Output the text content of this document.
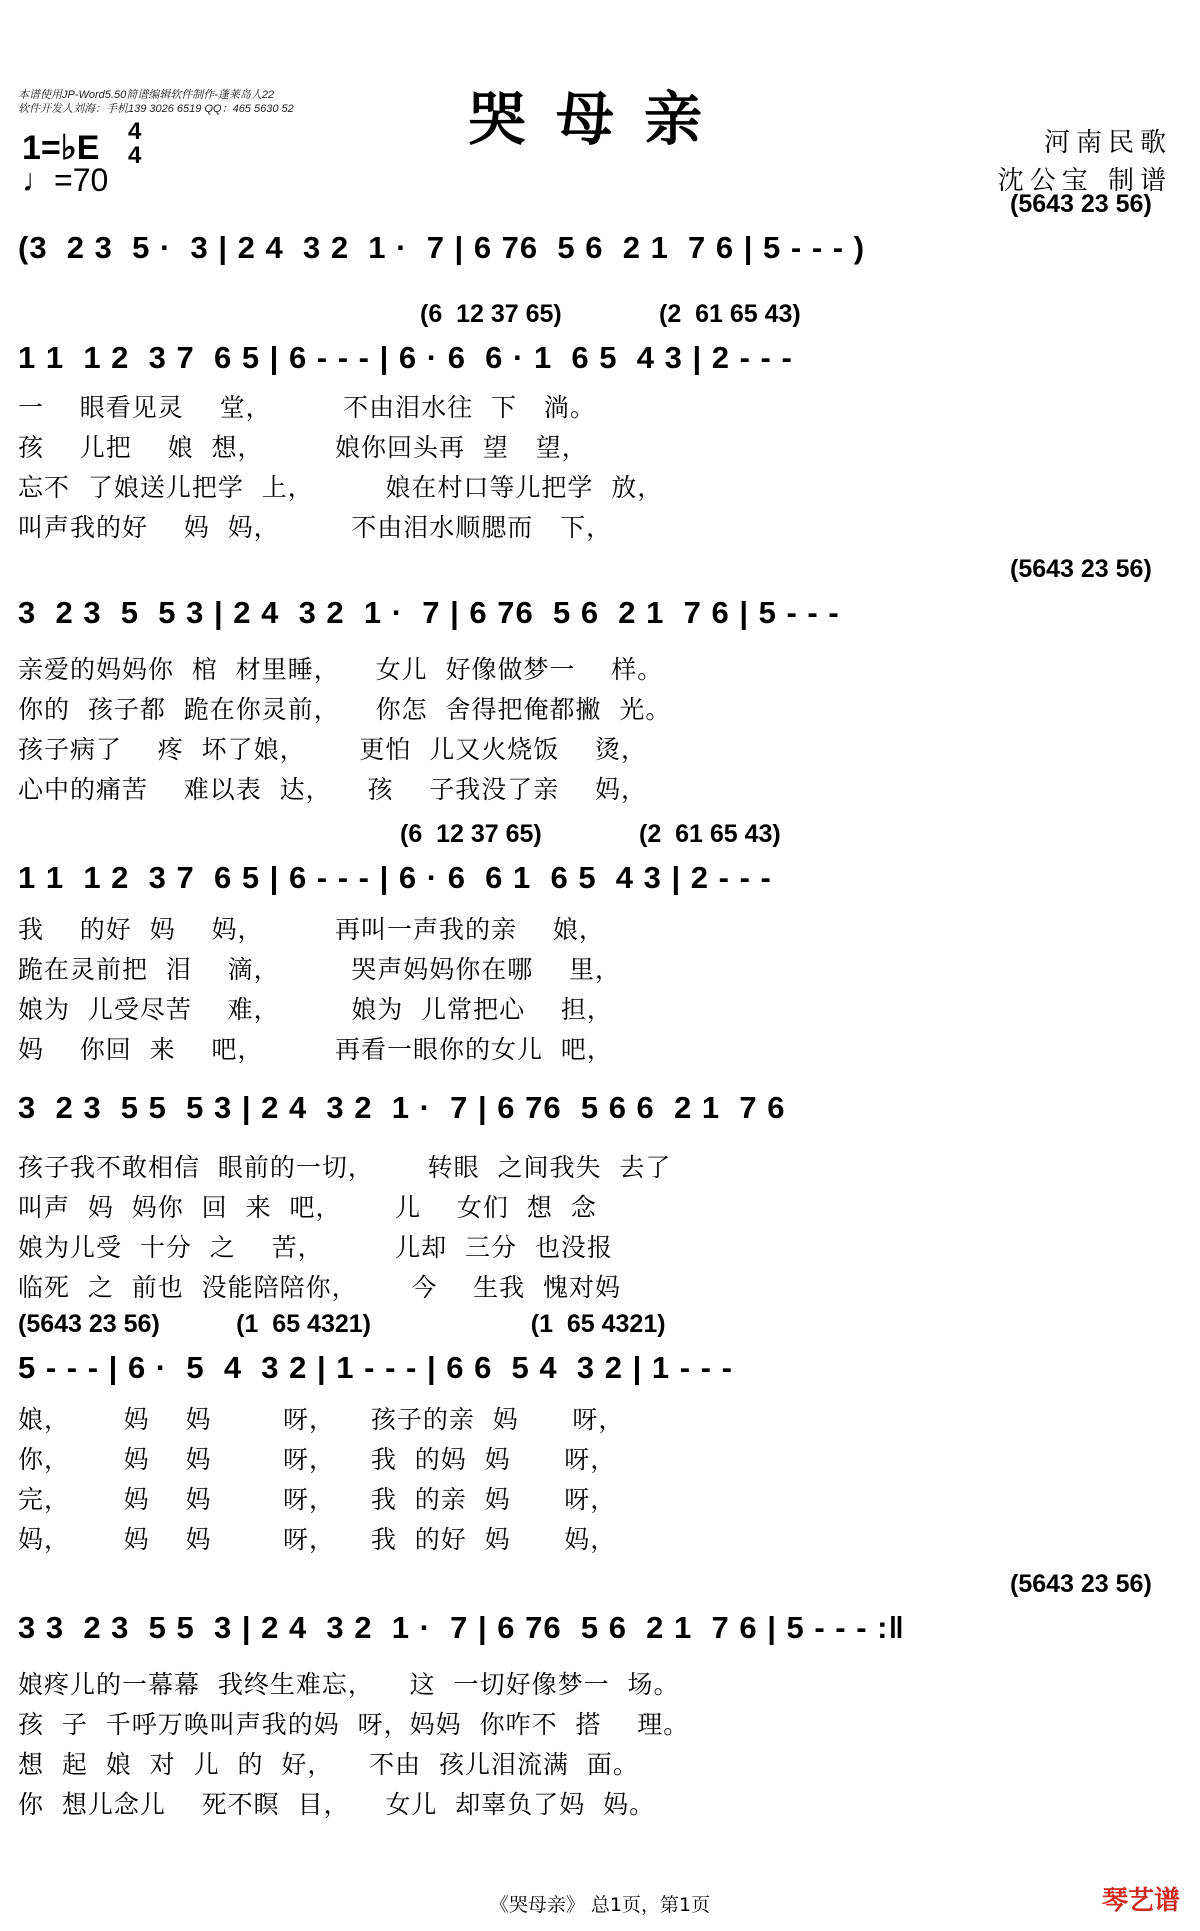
哭母亲
本谱使用JP-Word5.50简谱编辑软件制作-蓬莱岛人22
软件开发人刘海：手机139 3026 6519 QQ：465 5630 52
1=♭E 4
4
♩=70
河南民歌
沈公宝 制谱
(5643 23 56)
(3  2 3  5 ·  3 | 2 4  3 2  1 ·  7 | 6 76  5 6  2 1  7 6 | 5 - - - )
(6  12 37 65)              (2  61 65 43)
1 1  1 2  3 7  6 5 | 6 - - - | 6 · 6  6 · 1  6 5  4 3 | 2 - - -
一    眼看见灵    堂，        不由泪水往  下   淌。
孩    儿把    娘  想，        娘你回头再  望   望，
忘不  了娘送儿把学  上，        娘在村口等儿把学  放，
叫声我的好    妈  妈，        不由泪水顺腮而   下，
(5643 23 56)
3  2 3  5  5 3 | 2 4  3 2  1 ·  7 | 6 76  5 6  2 1  7 6 | 5 - - -
亲爱的妈妈你  棺  材里睡，    女儿  好像做梦一    样。
你的  孩子都  跪在你灵前，    你怎  舍得把俺都撇  光。
孩子病了    疼  坏了娘，      更怕  儿又火烧饭    烫，
心中的痛苦    难以表  达，    孩    子我没了亲    妈，
(6  12 37 65)              (2  61 65 43)
1 1  1 2  3 7  6 5 | 6 - - - | 6 · 6  6 1  6 5  4 3 | 2 - - -
我    的好  妈    妈，        再叫一声我的亲    娘，
跪在灵前把  泪    滴，        哭声妈妈你在哪    里，
娘为  儿受尽苦    难，        娘为  儿常把心    担，
妈    你回  来    吧，        再看一眼你的女儿  吧，
3  2 3  5 5  5 3 | 2 4  3 2  1 ·  7 | 6 76  5 6 6  2 1  7 6
孩子我不敢相信  眼前的一切，      转眼  之间我失  去了
叫声  妈  妈你  回  来  吧，      儿    女们  想  念
娘为儿受  十分  之    苦，        儿却  三分  也没报
临死  之  前也  没能陪陪你，      今    生我  愧对妈
(5643 23 56)           (1  65 4321)                       (1  65 4321)
5 - - - | 6 ·  5  4  3 2 | 1 - - - | 6 6  5 4  3 2 | 1 - - -
娘，      妈    妈        呀，    孩子的亲  妈      呀，
你，      妈    妈        呀，    我  的妈  妈      呀，
完，      妈    妈        呀，    我  的亲  妈      呀，
妈，      妈    妈        呀，    我  的好  妈      妈，
(5643 23 56)
3 3  2 3  5 5  3 | 2 4  3 2  1 ·  7 | 6 76  5 6  2 1  7 6 | 5 - - - :‖
娘疼儿的一幕幕  我终生难忘，    这  一切好像梦一  场。
孩  子  千呼万唤叫声我的妈  呀，妈妈  你咋不  搭    理。
想  起  娘  对  儿  的  好，    不由  孩儿泪流满  面。
你  想儿念儿    死不瞑  目，    女儿  却辜负了妈  妈。
《哭母亲》 总1页，第1页	琴艺谱
